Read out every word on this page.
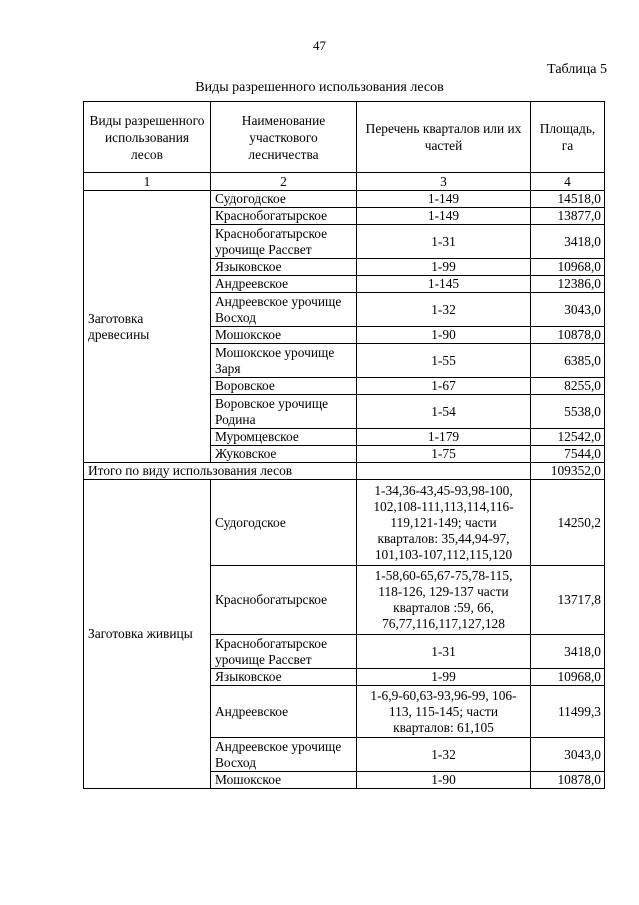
47
Таблица 5
Виды разрешенного использования лесов
Виды разрешенного использования лесов	Наименование участкового лесничества	Перечень кварталов или их частей	Площадь, га
1	2	3	4
Заготовка древесины	Судогодское	1-149	14518,0
	Краснобогатырское	1-149	13877,0
	Краснобогатырское урочище Рассвет	1-31	3418,0
	Языковское	1-99	10968,0
	Андреевское	1-145	12386,0
	Андреевское урочище Восход	1-32	3043,0
	Мошокское	1-90	10878,0
	Мошокское урочище Заря	1-55	6385,0
	Воровское	1-67	8255,0
	Воровское урочище Родина	1-54	5538,0
	Муромцевское	1-179	12542,0
	Жуковское	1-75	7544,0
Итого по виду использования лесов			109352,0
Заготовка живицы	Судогодское	1-34,36-43,45-93,98-100, 102,108-111,113,114,116-119,121-149; части кварталов: 35,44,94-97, 101,103-107,112,115,120	14250,2
	Краснобогатырское	1-58,60-65,67-75,78-115, 118-126, 129-137 части кварталов :59, 66, 76,77,116,117,127,128	13717,8
	Краснобогатырское урочище Рассвет	1-31	3418,0
	Языковское	1-99	10968,0
	Андреевское	1-6,9-60,63-93,96-99, 106-113, 115-145; части кварталов: 61,105	11499,3
	Андреевское урочище Восход	1-32	3043,0
	Мошокское	1-90	10878,0
